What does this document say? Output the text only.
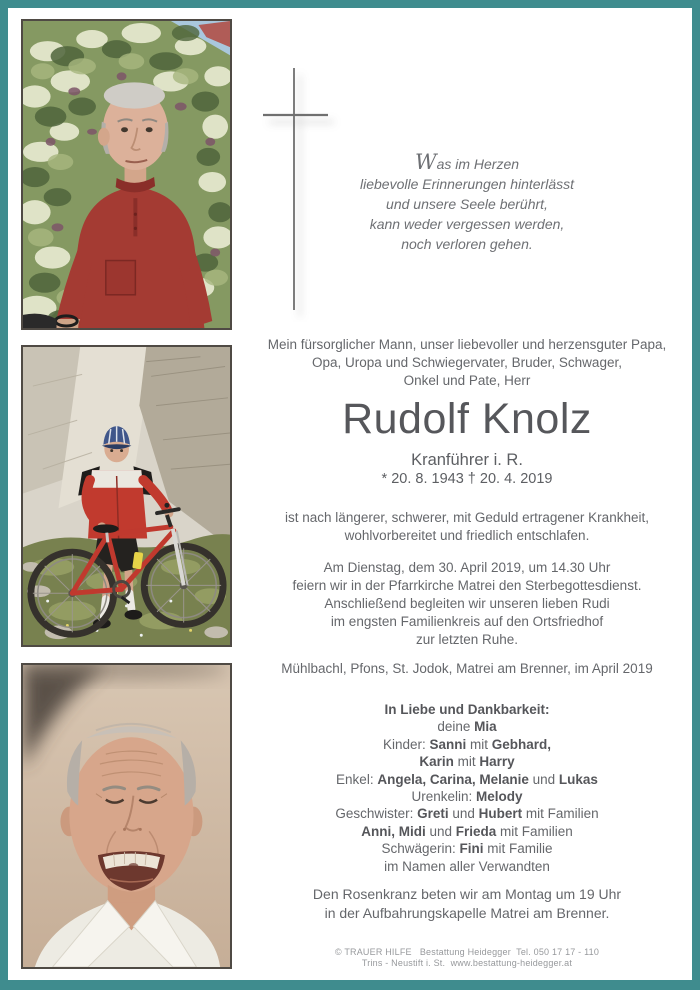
Was im Herzen
liebevolle Erinnerungen hinterlässt
und unsere Seele berührt,
kann weder vergessen werden,
noch verloren gehen.
Mein fürsorglicher Mann, unser liebevoller und herzensguter Papa,
Opa, Uropa und Schwiegervater, Bruder, Schwager,
Onkel und Pate, Herr
Rudolf Knolz
Kranführer i. R.
* 20. 8. 1943 † 20. 4. 2019
ist nach längerer, schwerer, mit Geduld ertragener Krankheit,
wohlvorbereitet und friedlich entschlafen.
Am Dienstag, dem 30. April 2019, um 14.30 Uhr
feiern wir in der Pfarrkirche Matrei den Sterbegottesdienst.
Anschließend begleiten wir unseren lieben Rudi
im engsten Familienkreis auf den Ortsfriedhof
zur letzten Ruhe.
Mühlbachl, Pfons, St. Jodok, Matrei am Brenner, im April 2019
In Liebe und Dankbarkeit:
deine Mia
Kinder: Sanni mit Gebhard,
Karin mit Harry
Enkel: Angela, Carina, Melanie und Lukas
Urenkelin: Melody
Geschwister: Greti und Hubert mit Familien
Anni, Midi und Frieda mit Familien
Schwägerin: Fini mit Familie
im Namen aller Verwandten
Den Rosenkranz beten wir am Montag um 19 Uhr
in der Aufbahrungskapelle Matrei am Brenner.
© TRAUER HILFE   Bestattung Heidegger  Tel. 050 17 17 - 110
Trins - Neustift i. St.  www.bestattung-heidegger.at
